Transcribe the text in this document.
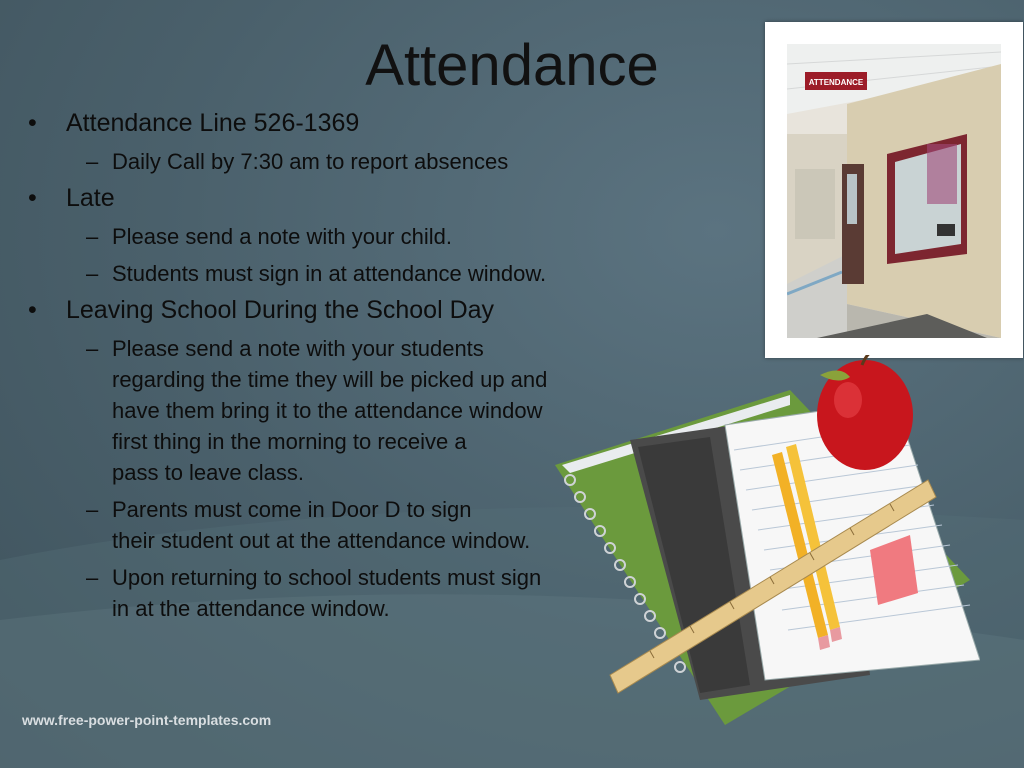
Attendance
• Attendance Line 526-1369
– Daily Call by 7:30 am to report absences
• Late
– Please send a note with your child.
– Students must sign in at attendance window.
• Leaving School During the School Day
– Please send a note with your students
regarding the time they will be picked up and
have them bring it to the attendance window
first thing in the morning to receive a
pass to leave class.
– Parents must come in Door D to sign
their student out at the attendance window.
– Upon returning to school students must sign
in at the attendance window.
ATTENDANCE
www.free-power-point-templates.com
